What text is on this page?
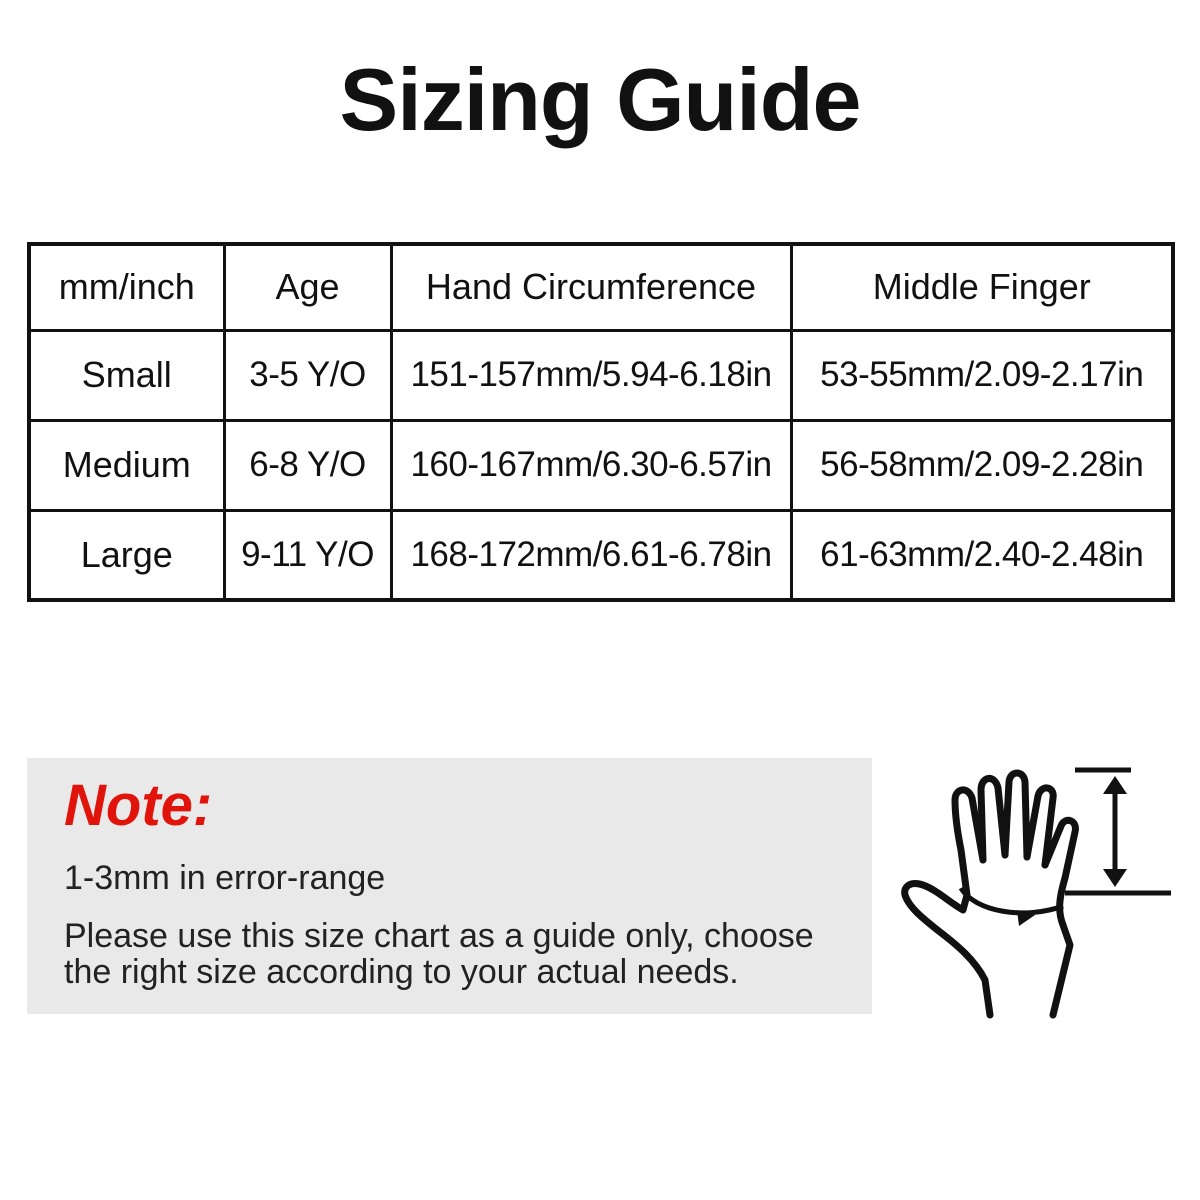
Sizing Guide
mm/inch	Age	Hand Circumference	Middle Finger
Small	3-5 Y/O	151-157mm/5.94-6.18in	53-55mm/2.09-2.17in
Medium	6-8 Y/O	160-167mm/6.30-6.57in	56-58mm/2.09-2.28in
Large	9-11 Y/O	168-172mm/6.61-6.78in	61-63mm/2.40-2.48in
Note:
1-3mm in error-range
Please use this size chart as a guide only, choose the right size according to your actual needs.
